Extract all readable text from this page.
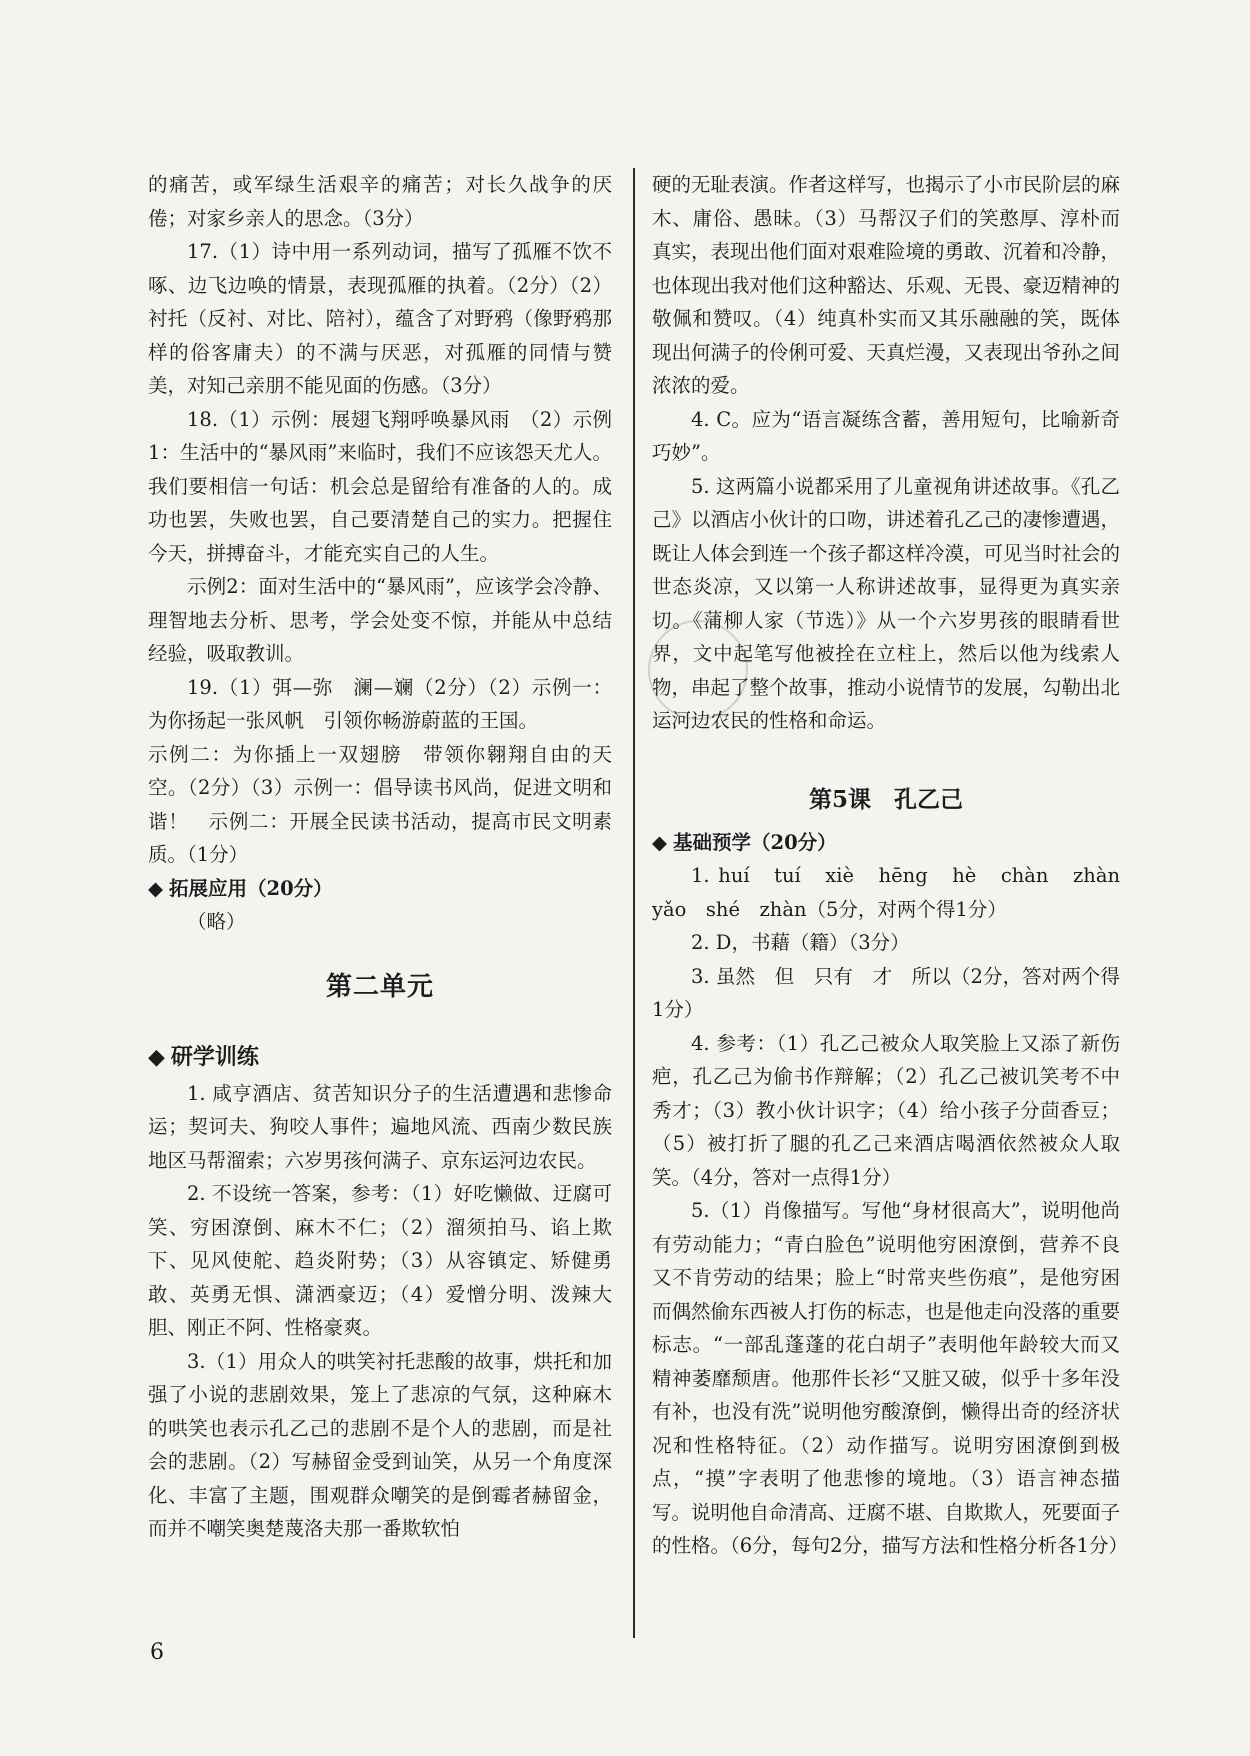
的痛苦，或军绿生活艰辛的痛苦；对长久战争的厌倦；对家乡亲人的思念。（3分）

17.（1）诗中用一系列动词，描写了孤雁不饮不啄、边飞边唤的情景，表现孤雁的执着。（2分）（2）衬托（反衬、对比、陪衬），蕴含了对野鸦（像野鸦那样的俗客庸夫）的不满与厌恶，对孤雁的同情与赞美，对知己亲朋不能见面的伤感。（3分）

18.（1）示例：展翅飞翔呼唤暴风雨　（2）示例1：生活中的“暴风雨”来临时，我们不应该怨天尤人。我们要相信一句话：机会总是留给有准备的人的。成功也罢，失败也罢，自己要清楚自己的实力。把握住今天，拼搏奋斗，才能充实自己的人生。

示例2：面对生活中的“暴风雨”，应该学会冷静、理智地去分析、思考，学会处变不惊，并能从中总结经验，吸取教训。

19.（1）弭—弥　澜—斓（2分）（2）示例一：为你扬起一张风帆　引领你畅游蔚蓝的王国。

示例二：为你插上一双翅膀　带领你翱翔自由的天空。（2分）（3）示例一：倡导读书风尚，促进文明和谐！　示例二：开展全民读书活动，提高市民文明素质。（1分）

◆ 拓展应用（20分）

（略）

第二单元
◆ 研学训练

1. 咸亨酒店、贫苦知识分子的生活遭遇和悲惨命运；契诃夫、狗咬人事件；遍地风流、西南少数民族地区马帮溜索；六岁男孩何满子、京东运河边农民。

2. 不设统一答案，参考：（1）好吃懒做、迂腐可笑、穷困潦倒、麻木不仁；（2）溜须拍马、谄上欺下、见风使舵、趋炎附势；（3）从容镇定、矫健勇敢、英勇无惧、潇洒豪迈；（4）爱憎分明、泼辣大胆、刚正不阿、性格豪爽。

3.（1）用众人的哄笑衬托悲酸的故事，烘托和加强了小说的悲剧效果，笼上了悲凉的气氛，这种麻木的哄笑也表示孔乙己的悲剧不是个人的悲剧，而是社会的悲剧。（2）写赫留金受到讪笑，从另一个角度深化、丰富了主题，围观群众嘲笑的是倒霉者赫留金，而并不嘲笑奥楚蔑洛夫那一番欺软怕

硬的无耻表演。作者这样写，也揭示了小市民阶层的麻木、庸俗、愚昧。（3）马帮汉子们的笑憨厚、淳朴而真实，表现出他们面对艰难险境的勇敢、沉着和冷静，也体现出我对他们这种豁达、乐观、无畏、豪迈精神的敬佩和赞叹。（4）纯真朴实而又其乐融融的笑，既体现出何满子的伶俐可爱、天真烂漫，又表现出爷孙之间浓浓的爱。

4. C。应为“语言凝练含蓄，善用短句，比喻新奇巧妙”。

5. 这两篇小说都采用了儿童视角讲述故事。《孔乙己》以酒店小伙计的口吻，讲述着孔乙己的凄惨遭遇，既让人体会到连一个孩子都这样冷漠，可见当时社会的世态炎凉，又以第一人称讲述故事，显得更为真实亲切。《蒲柳人家（节选）》从一个六岁男孩的眼睛看世界，文中起笔写他被拴在立柱上，然后以他为线索人物，串起了整个故事，推动小说情节的发展，勾勒出北运河边农民的性格和命运。

第5课　孔乙己
◆ 基础预学（20分）

1. huí　tuí　xiè　hēng　hè　chàn　zhàn　yǎo　shé　zhàn（5分，对两个得1分）

2. D，书藉（籍）（3分）

3. 虽然　但　只有　才　所以（2分，答对两个得1分）

4. 参考：（1）孔乙己被众人取笑脸上又添了新伤疤，孔乙己为偷书作辩解；（2）孔乙己被讥笑考不中秀才；（3）教小伙计识字；（4）给小孩子分茴香豆；（5）被打折了腿的孔乙己来酒店喝酒依然被众人取笑。（4分，答对一点得1分）

5.（1）肖像描写。写他“身材很高大”，说明他尚有劳动能力；“青白脸色”说明他穷困潦倒，营养不良又不肯劳动的结果；脸上“时常夹些伤痕”，是他穷困而偶然偷东西被人打伤的标志，也是他走向没落的重要标志。“一部乱蓬蓬的花白胡子”表明他年龄较大而又精神萎靡颓唐。他那件长衫“又脏又破，似乎十多年没有补，也没有洗”说明他穷酸潦倒，懒得出奇的经济状况和性格特征。（2）动作描写。说明穷困潦倒到极点，“摸”字表明了他悲惨的境地。（3）语言神态描写。说明他自命清高、迂腐不堪、自欺欺人，死要面子的性格。（6分，每句2分，描写方法和性格分析各1分）

6
